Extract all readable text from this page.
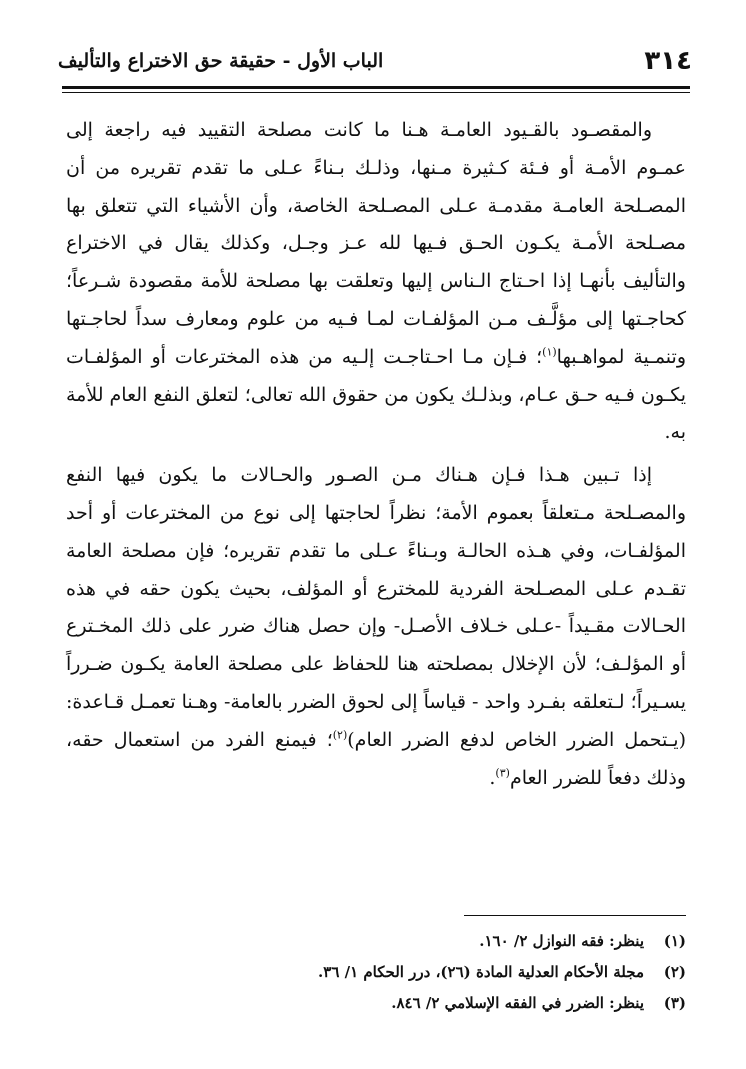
٣١٤
الباب الأول - حقيقة حق الاختراع والتأليف

والمقصـود بالقـيود العامـة هـنا ما كانت مصلحة التقييد فيه راجعة إلى عمـوم الأمـة أو فـئة كـثيرة مـنها، وذلـك بـناءً عـلى ما تقدم تقريره من أن المصـلحة العامـة مقدمـة عـلى المصـلحة الخاصة، وأن الأشياء التي تتعلق بها مصـلحة الأمـة يكـون الحـق فـيها لله عـز وجـل، وكذلك يقال في الاختراع والتأليف بأنهـا إذا احـتاج الـناس إليها وتعلقت بها مصلحة للأمة مقصودة شـرعاً؛ كحاجـتها إلى مؤلَّـف مـن المؤلفـات لمـا فـيه من علوم ومعارف سداً لحاجـتها وتنمـية لمواهـبها$^{(١)}$؛ فـإن مـا احـتاجـت إلـيه من هذه المخترعات أو المؤلفـات يكـون فـيه حـق عـام، وبذلـك يكون من حقوق الله تعالى؛ لتعلق النفع العام للأمة به.

إذا تـبين هـذا فـإن هـناك مـن الصـور والحـالات ما يكون فيها النفع والمصـلحة مـتعلقاً بعموم الأمة؛ نظراً لحاجتها إلى نوع من المخترعات أو أحد المؤلفـات، وفي هـذه الحالـة وبـناءً عـلى ما تقدم تقريره؛ فإن مصلحة العامة تقـدم عـلى المصـلحة الفردية للمخترع أو المؤلف، بحيث يكون حقه في هذه الحـالات مقـيداً -عـلى خـلاف الأصـل- وإن حصل هناك ضرر على ذلك المخـترع أو المؤلـف؛ لأن الإخلال بمصلحته هنا للحفاظ على مصلحة العامة يكـون ضـرراً يسـيراً؛ لـتعلقه بفـرد واحد - قياساً إلى لحوق الضرر بالعامة- وهـنا تعمـل قـاعدة: (يـتحمل الضرر الخاص لدفع الضرر العام)$^{(٢)}$؛ فيمنع الفرد من استعمال حقه، وذلك دفعاً للضرر العام$^{(٣)}$.

(١)ينظر: فقه النوازل ٢/ ١٦٠.
(٢)مجلة الأحكام العدلية المادة (٢٦)، درر الحكام ١/ ٣٦.
(٣)ينظر: الضرر في الفقه الإسلامي ٢/ ٨٤٦.
